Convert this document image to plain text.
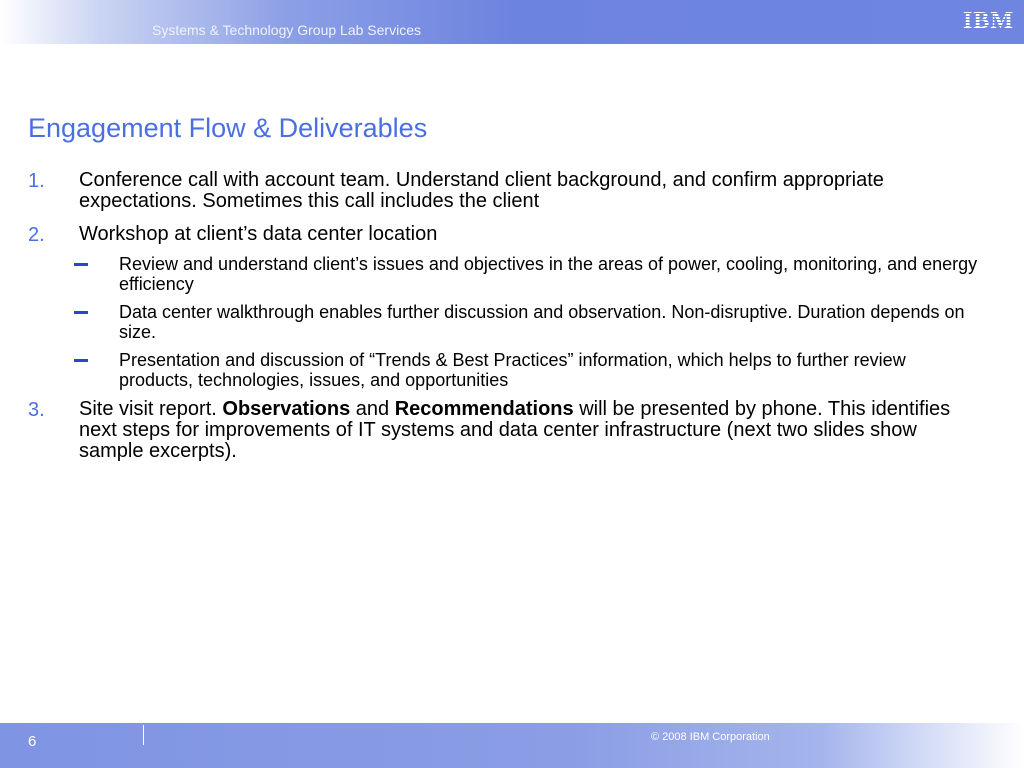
Systems & Technology Group Lab Services	IBM
Engagement Flow & Deliverables
1. Conference call with account team. Understand client background, and confirm appropriate expectations. Sometimes this call includes the client
2. Workshop at client’s data center location
Review and understand client’s issues and objectives in the areas of power, cooling, monitoring, and energy efficiency
Data center walkthrough enables further discussion and observation. Non-disruptive. Duration depends on size.
Presentation and discussion of “Trends & Best Practices” information, which helps to further review products, technologies, issues, and opportunities
3. Site visit report. Observations and Recommendations will be presented by phone. This identifies next steps for improvements of IT systems and data center infrastructure (next two slides show sample excerpts).
6	© 2008 IBM Corporation
